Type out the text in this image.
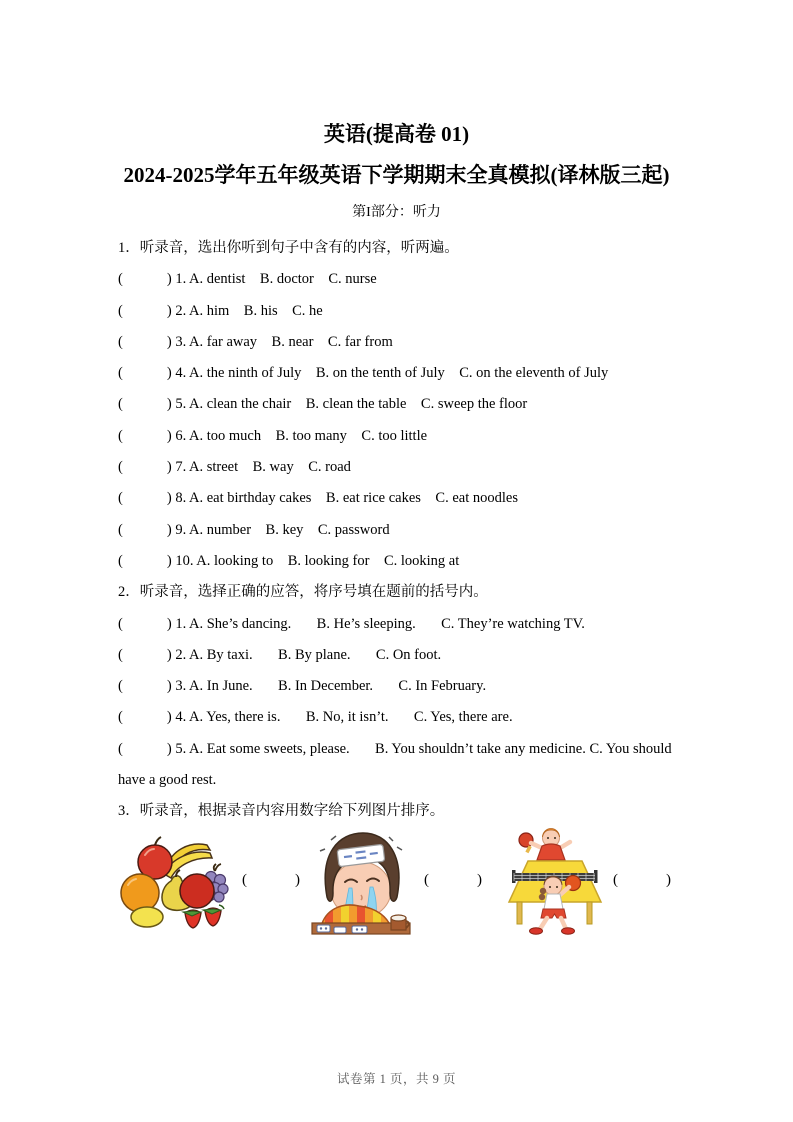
英语(提高卷 01)
2024-2025学年五年级英语下学期期末全真模拟(译林版三起)
第I部分：听力
1．听录音，选出你听到句子中含有的内容，听两遍。
(	) 1. A. dentist    B. doctor    C. nurse
(	) 2. A. him    B. his    C. he
(	) 3. A. far away    B. near    C. far from
(	) 4. A. the ninth of July    B. on the tenth of July    C. on the eleventh of July
(	) 5. A. clean the chair    B. clean the table    C. sweep the floor
(	) 6. A. too much    B. too many    C. too little
(	) 7. A. street    B. way    C. road
(	) 8. A. eat birthday cakes    B. eat rice cakes    C. eat noodles
(	) 9. A. number    B. key    C. password
(	) 10. A. looking to    B. looking for    C. looking at
2．听录音，选择正确的应答，将序号填在题前的括号内。
(	) 1. A. She’s dancing.       B. He’s sleeping.       C. They’re watching TV.
(	) 2. A. By taxi.       B. By plane.       C. On foot.
(	) 3. A. In June.       B. In December.       C. In February.
(	) 4. A. Yes, there is.       B. No, it isn’t.       C. Yes, there are.
(	) 5. A. Eat some sweets, please.       B. You shouldn’t take any medicine. C. You should have a good rest.
3．听录音，根据录音内容用数字给下列图片排序。
(	)	(	)	(	)
试卷第 1 页，共 9 页
